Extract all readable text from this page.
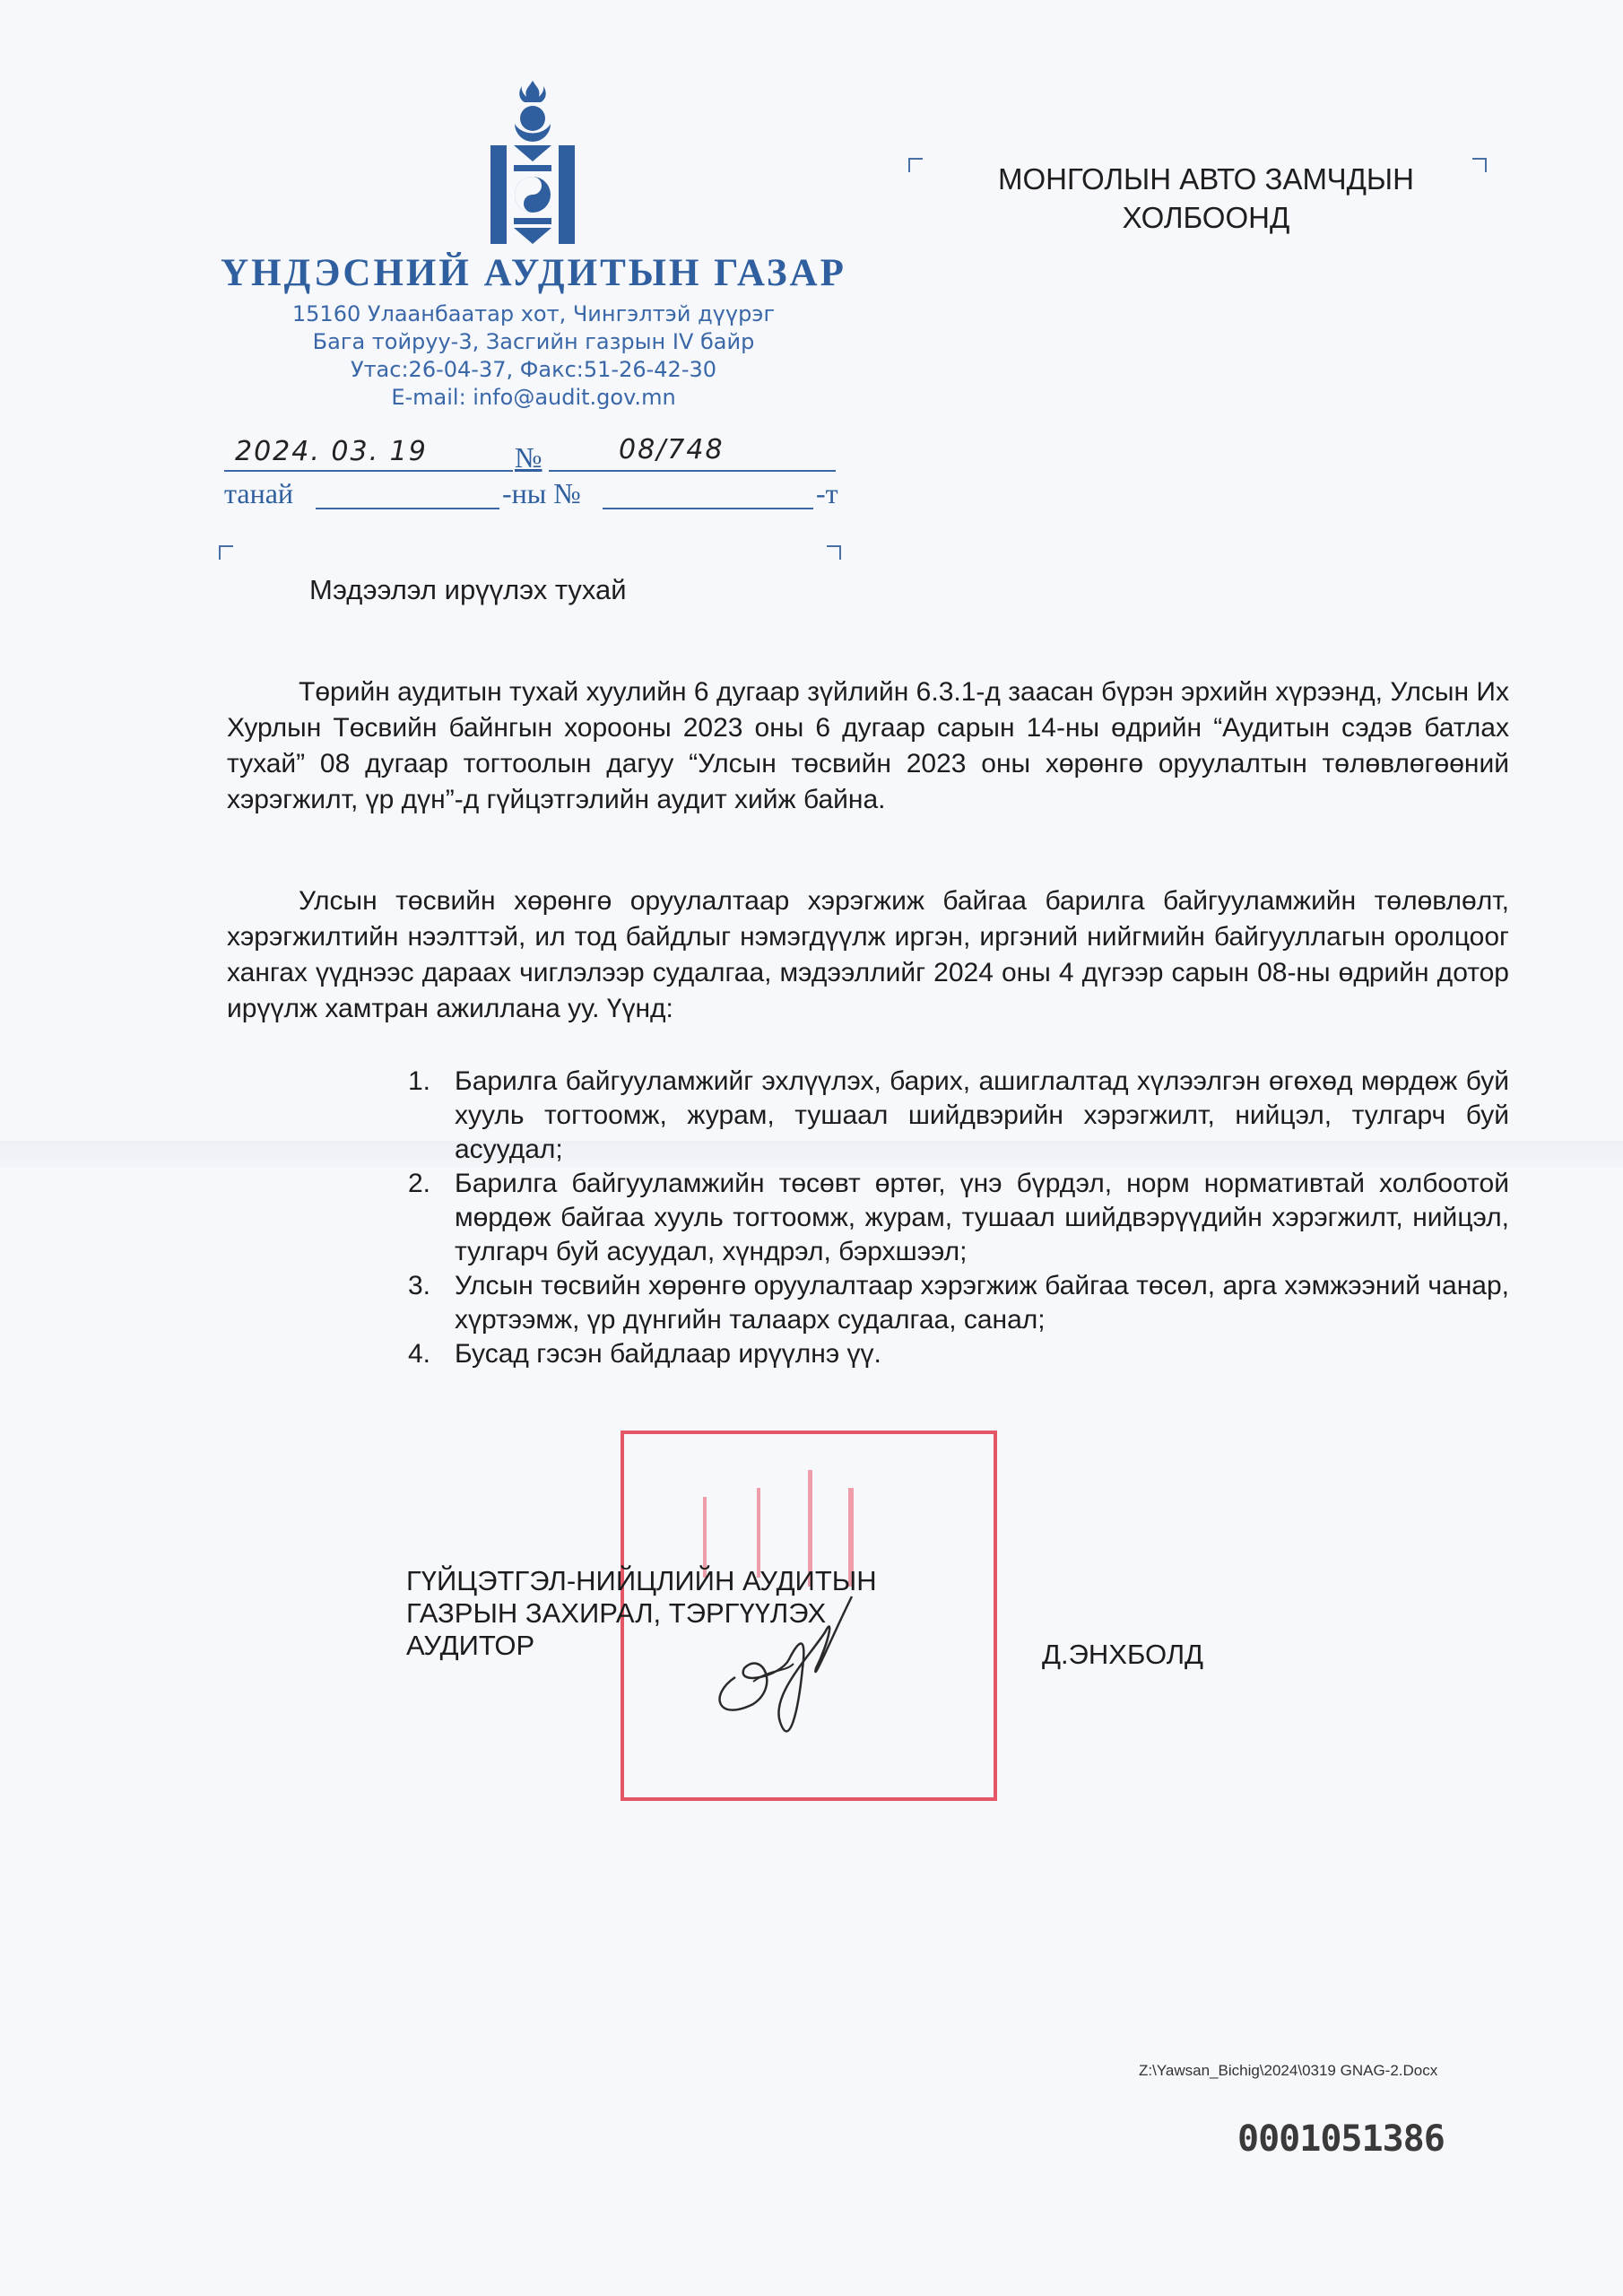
ҮНДЭСНИЙ АУДИТЫН ГАЗАР
15160 Улаанбаатар хот, Чингэлтэй дүүрэг
Бага тойруу-3, Засгийн газрын IV байр
Утас:26-04-37, Факс:51-26-42-30
E-mail: info@audit.gov.mn
МОНГОЛЫН АВТО ЗАМЧДЫН
ХОЛБООНД
2024. 03. 19	№	08/748
танай	-ны №	-т
Мэдээлэл ирүүлэх тухай

Төрийн аудитын тухай хуулийн 6 дугаар зүйлийн 6.3.1-д заасан бүрэн эрхийн хүрээнд, Улсын Их Хурлын Төсвийн байнгын хорооны 2023 оны 6 дугаар сарын 14-ны өдрийн “Аудитын сэдэв батлах тухай” 08 дугаар тогтоолын дагуу “Улсын төсвийн 2023 оны хөрөнгө оруулалтын төлөвлөгөөний хэрэгжилт, үр дүн”-д гүйцэтгэлийн аудит хийж байна.

Улсын төсвийн хөрөнгө оруулалтаар хэрэгжиж байгаа барилга байгууламжийн төлөвлөлт, хэрэгжилтийн нээлттэй, ил тод байдлыг нэмэгдүүлж иргэн, иргэний нийгмийн байгууллагын оролцоог хангах үүднээс дараах чиглэлээр судалгаа, мэдээллийг 2024 оны 4 дүгээр сарын 08-ны өдрийн дотор ирүүлж хамтран ажиллана уу. Үүнд:

1. Барилга байгууламжийг эхлүүлэх, барих, ашиглалтад хүлээлгэн өгөхөд мөрдөж буй хууль тогтоомж, журам, тушаал шийдвэрийн хэрэгжилт, нийцэл, тулгарч буй асуудал;
2. Барилга байгууламжийн төсөвт өртөг, үнэ бүрдэл, норм нормативтай холбоотой мөрдөж байгаа хууль тогтоомж, журам, тушаал шийдвэрүүдийн хэрэгжилт, нийцэл, тулгарч буй асуудал, хүндрэл, бэрхшээл;
3. Улсын төсвийн хөрөнгө оруулалтаар хэрэгжиж байгаа төсөл, арга хэмжээний чанар, хүртээмж, үр дүнгийн талаарх судалгаа, санал;
4. Бусад гэсэн байдлаар ирүүлнэ үү.
ГҮЙЦЭТГЭЛ-НИЙЦЛИЙН АУДИТЫН
ГАЗРЫН ЗАХИРАЛ, ТЭРГҮҮЛЭХ
АУДИТОР	Д.ЭНХБОЛД
Z:\Yawsan_Bichig\2024\0319 GNAG-2.Docx
0001051386
